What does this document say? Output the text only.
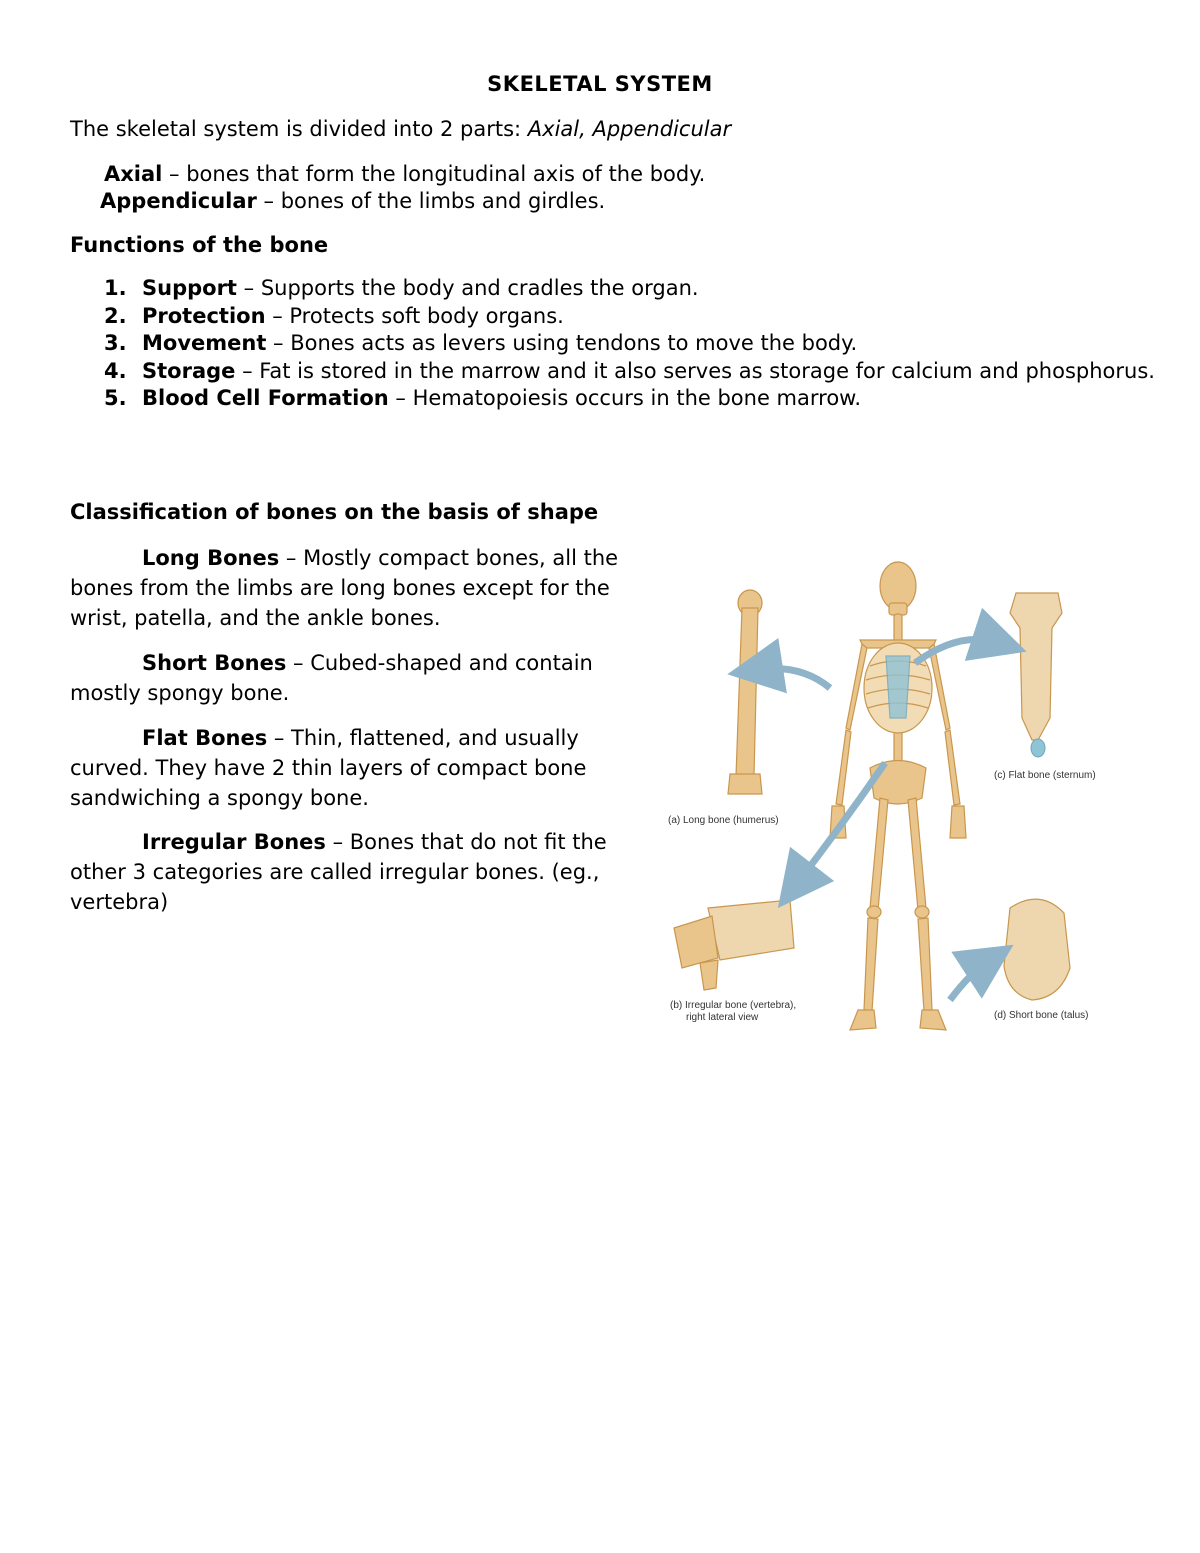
SKELETAL SYSTEM
The skeletal system is divided into 2 parts: Axial, Appendicular
Axial – bones that form the longitudinal axis of the body.
Appendicular – bones of the limbs and girdles.
Functions of the bone
1. Support – Supports the body and cradles the organ.
2. Protection – Protects soft body organs.
3. Movement – Bones acts as levers using tendons to move the body.
4. Storage – Fat is stored in the marrow and it also serves as storage for calcium and phosphorus.
5. Blood Cell Formation – Hematopoiesis occurs in the bone marrow.
Classification of bones on the basis of shape
Long Bones – Mostly compact bones, all the bones from the limbs are long bones except for the wrist, patella, and the ankle bones.
Short Bones – Cubed-shaped and contain mostly spongy bone.
Flat Bones – Thin, flattened, and usually curved. They have 2 thin layers of compact bone sandwiching a spongy bone.
Irregular Bones – Bones that do not fit the other 3 categories are called irregular bones. (eg., vertebra)
(a) Long bone (humerus)
(c) Flat bone (sternum)
(b) Irregular bone (vertebra),
right lateral view	(d) Short bone (talus)
